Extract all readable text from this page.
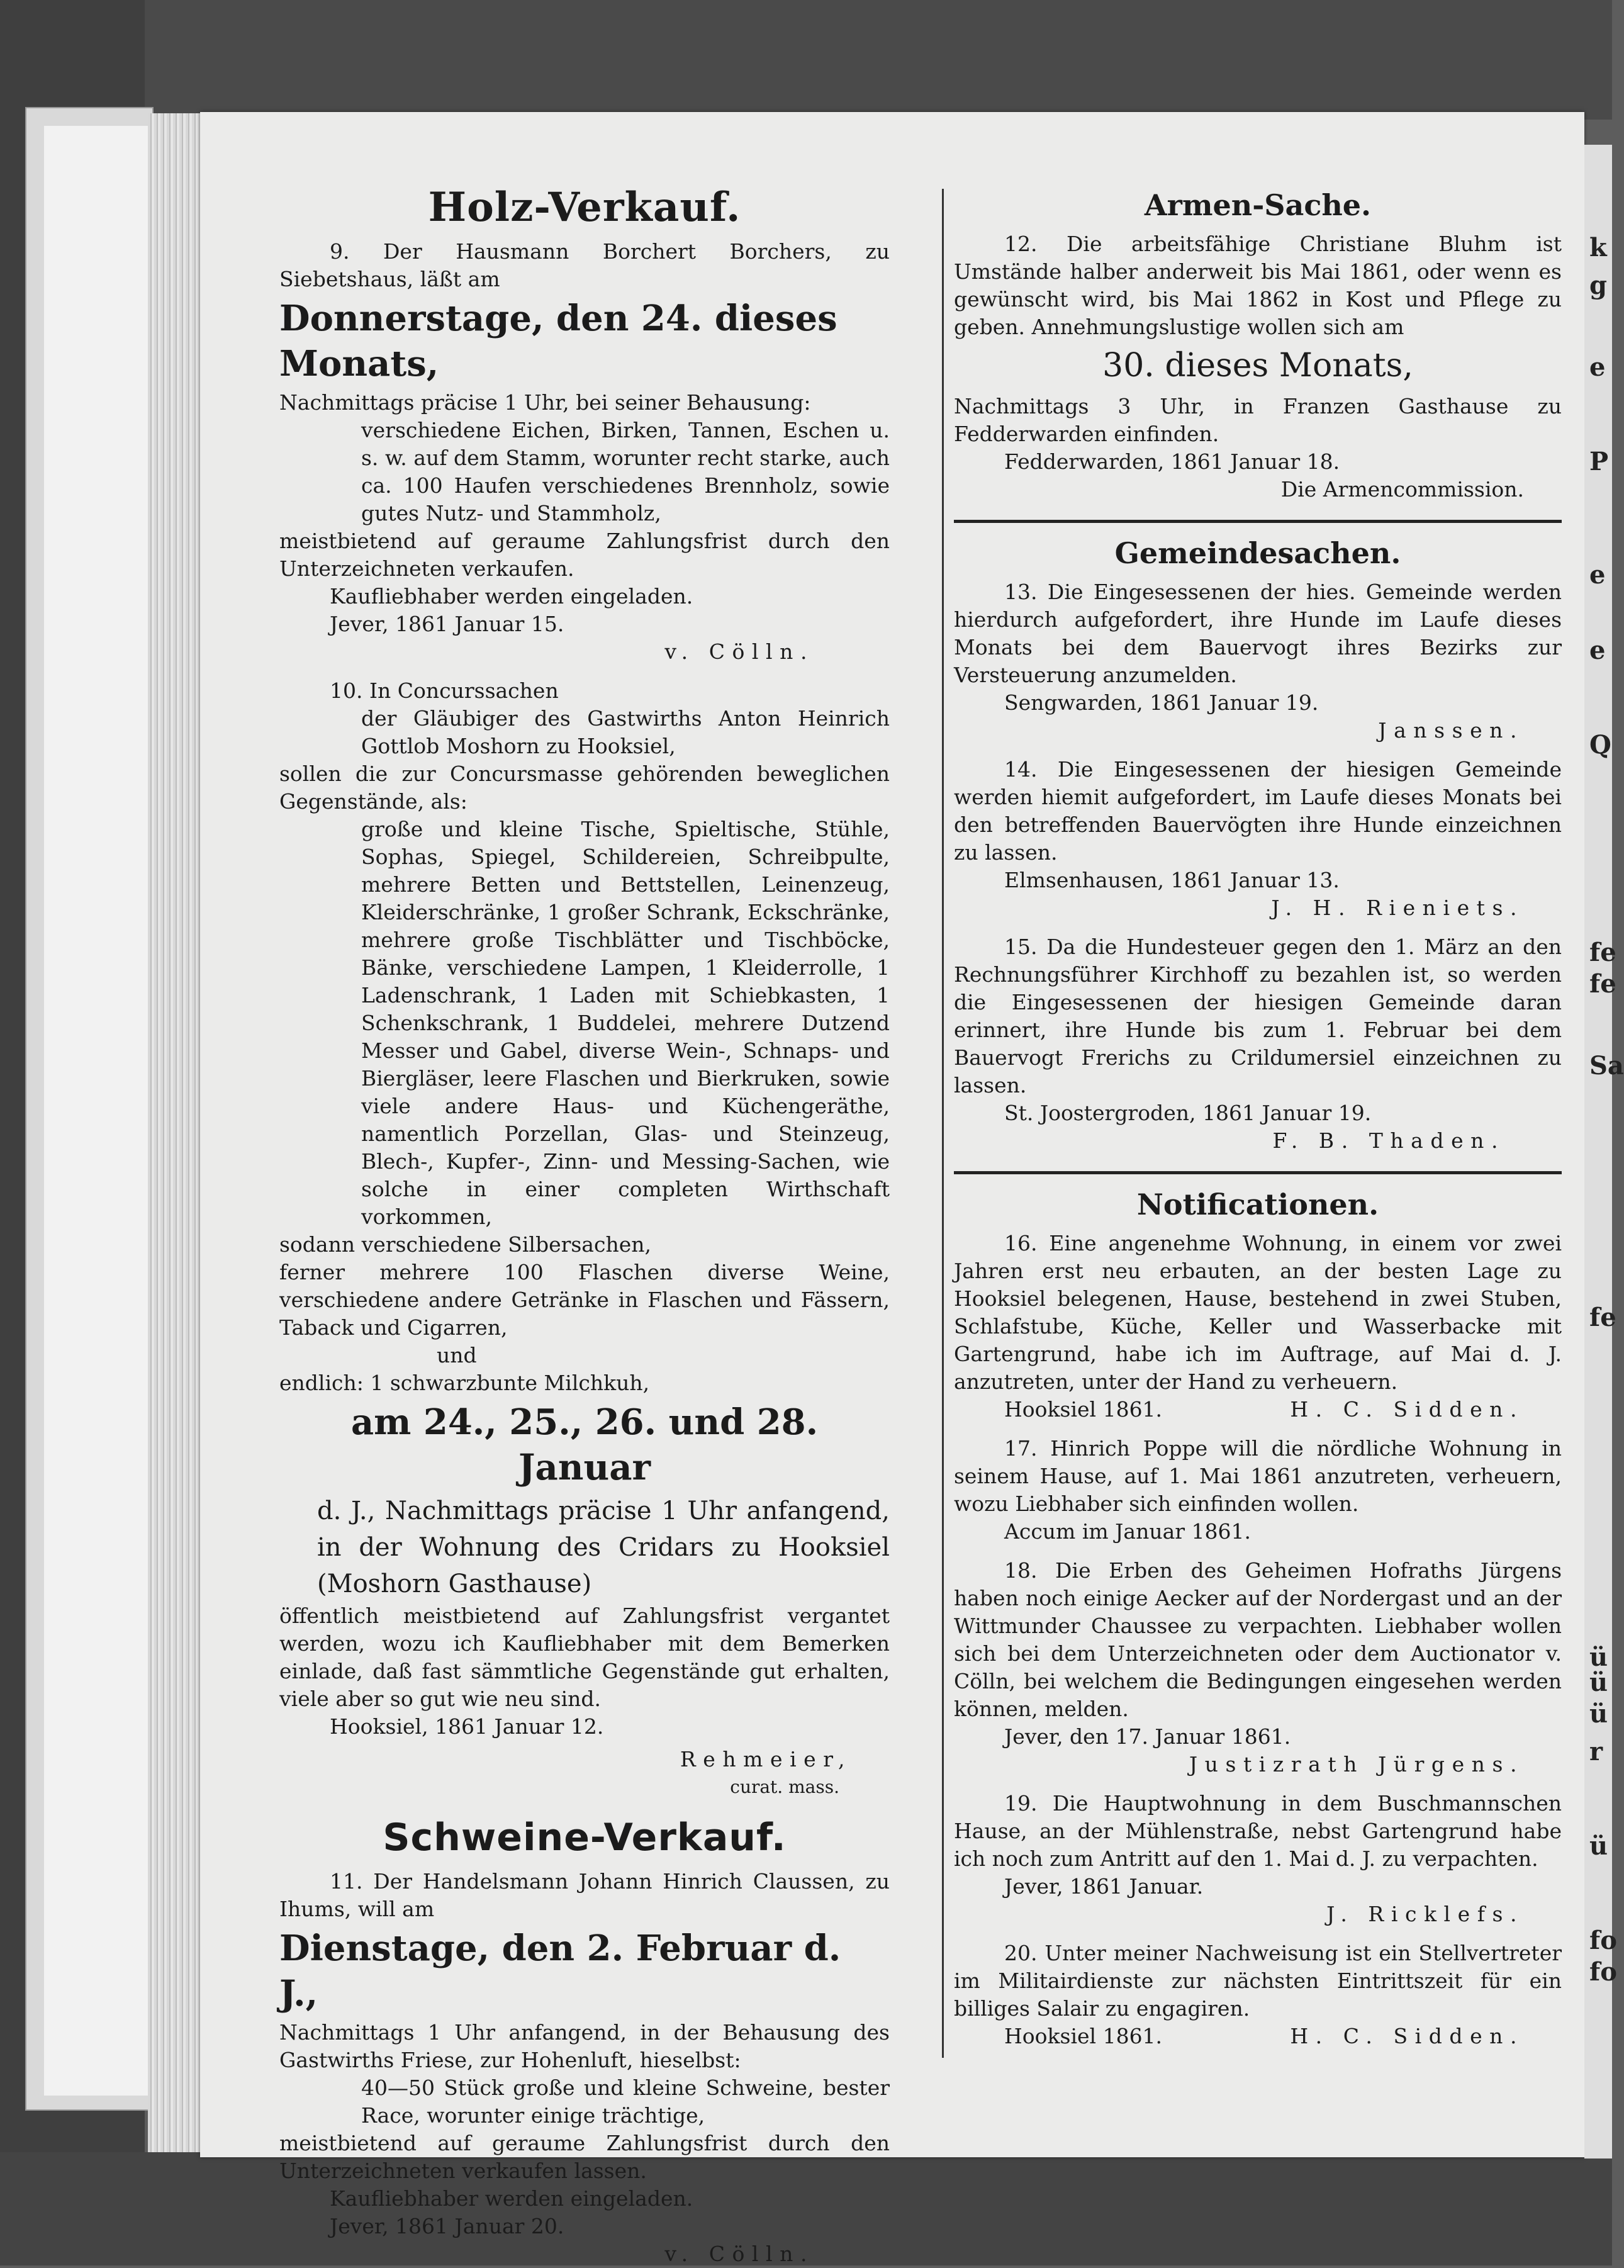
k
g
e
P
e
e
Q
fe
fe
Sa
fe
ü
ü
ü
r
ü
fo
fo
Holz-Verkauf.

9. Der Hausmann Borchert Borchers, zu Siebetshaus, läßt am

Donnerstage, den 24. dieses Monats,

Nachmittags präcise 1 Uhr, bei seiner Behausung:

verschiedene Eichen, Birken, Tannen, Eschen u. s. w. auf dem Stamm, worunter recht starke, auch ca. 100 Haufen verschiedenes Brennholz, sowie gutes Nutz- und Stammholz,

meistbietend auf geraume Zahlungsfrist durch den Unterzeichneten verkaufen.

Kaufliebhaber werden eingeladen.

Jever, 1861 Januar 15.

v. Cölln.

10. In Concurssachen

der Gläubiger des Gastwirths Anton Heinrich Gottlob Moshorn zu Hooksiel,

sollen die zur Concursmasse gehörenden beweglichen Gegenstände, als:

große und kleine Tische, Spieltische, Stühle, Sophas, Spiegel, Schildereien, Schreibpulte, mehrere Betten und Bettstellen, Leinenzeug, Kleiderschränke, 1 großer Schrank, Eckschränke, mehrere große Tischblätter und Tischböcke, Bänke, verschiedene Lampen, 1 Kleiderrolle, 1 Ladenschrank, 1 Laden mit Schiebkasten, 1 Schenkschrank, 1 Buddelei, mehrere Dutzend Messer und Gabel, diverse Wein-, Schnaps- und Biergläser, leere Flaschen und Bierkruken, sowie viele andere Haus- und Küchengeräthe, namentlich Porzellan, Glas- und Steinzeug, Blech-, Kupfer-, Zinn- und Messing-Sachen, wie solche in einer completen Wirthschaft vorkommen,

sodann verschiedene Silbersachen,

ferner mehrere 100 Flaschen diverse Weine, verschiedene andere Getränke in Flaschen und Fässern, Taback und Cigarren,

und

endlich: 1 schwarzbunte Milchkuh,

am 24., 25., 26. und 28. Januar

d. J., Nachmittags präcise 1 Uhr anfangend, in der Wohnung des Cridars zu Hooksiel (Moshorn Gasthause)

öffentlich meistbietend auf Zahlungsfrist vergantet werden, wozu ich Kaufliebhaber mit dem Bemerken einlade, daß fast sämmtliche Gegenstände gut erhalten, viele aber so gut wie neu sind.

Hooksiel, 1861 Januar 12.

Rehmeier,

curat. mass.

Schweine-Verkauf.

11. Der Handelsmann Johann Hinrich Claussen, zu Ihums, will am

Dienstage, den 2. Februar d. J.,

Nachmittags 1 Uhr anfangend, in der Behausung des Gastwirths Friese, zur Hohenluft, hieselbst:

40—50 Stück große und kleine Schweine, bester Race, worunter einige trächtige,

meistbietend auf geraume Zahlungsfrist durch den Unterzeichneten verkaufen lassen.

Kaufliebhaber werden eingeladen.

Jever, 1861 Januar 20.

v. Cölln.

Armen-Sache.

12. Die arbeitsfähige Christiane Bluhm ist Umstände halber anderweit bis Mai 1861, oder wenn es gewünscht wird, bis Mai 1862 in Kost und Pflege zu geben. Annehmungslustige wollen sich am

30. dieses Monats,

Nachmittags 3 Uhr, in Franzen Gasthause zu Fedderwarden einfinden.

Fedderwarden, 1861 Januar 18.

Die Armencommission.

Gemeindesachen.

13. Die Eingesessenen der hies. Gemeinde werden hierdurch aufgefordert, ihre Hunde im Laufe dieses Monats bei dem Bauervogt ihres Bezirks zur Versteuerung anzumelden.

Sengwarden, 1861 Januar 19.

Janssen.

14. Die Eingesessenen der hiesigen Gemeinde werden hiemit aufgefordert, im Laufe dieses Monats bei den betreffenden Bauervögten ihre Hunde einzeichnen zu lassen.

Elmsenhausen, 1861 Januar 13.

J. H. Rieniets.

15. Da die Hundesteuer gegen den 1. März an den Rechnungsführer Kirchhoff zu bezahlen ist, so werden die Eingesessenen der hiesigen Gemeinde daran erinnert, ihre Hunde bis zum 1. Februar bei dem Bauervogt Frerichs zu Crildumersiel einzeichnen zu lassen.

St. Joostergroden, 1861 Januar 19.

F. B. Thaden.

Notificationen.

16. Eine angenehme Wohnung, in einem vor zwei Jahren erst neu erbauten, an der besten Lage zu Hooksiel belegenen, Hause, bestehend in zwei Stuben, Schlafstube, Küche, Keller und Wasserbacke mit Gartengrund, habe ich im Auftrage, auf Mai d. J. anzutreten, unter der Hand zu verheuern.

Hooksiel 1861.	H. C. Sidden.

17. Hinrich Poppe will die nördliche Wohnung in seinem Hause, auf 1. Mai 1861 anzutreten, verheuern, wozu Liebhaber sich einfinden wollen.

Accum im Januar 1861.

18. Die Erben des Geheimen Hofraths Jürgens haben noch einige Aecker auf der Nordergast und an der Wittmunder Chaussee zu verpachten. Liebhaber wollen sich bei dem Unterzeichneten oder dem Auctionator v. Cölln, bei welchem die Bedingungen eingesehen werden können, melden.

Jever, den 17. Januar 1861.

Justizrath Jürgens.

19. Die Hauptwohnung in dem Buschmannschen Hause, an der Mühlenstraße, nebst Gartengrund habe ich noch zum Antritt auf den 1. Mai d. J. zu verpachten.

Jever, 1861 Januar.

J. Ricklefs.

20. Unter meiner Nachweisung ist ein Stellvertreter im Militairdienste zur nächsten Eintrittszeit für ein billiges Salair zu engagiren.

Hooksiel 1861.	H. C. Sidden.
